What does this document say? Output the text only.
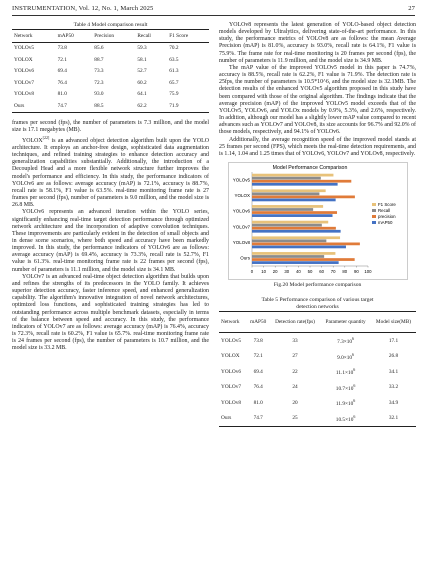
INSTRUMENTATION, Vol. 12, No. 1, March 2025	27
Table 4 Model comparison result
Network	mAP50	Precision	Recall	F1 Score
YOLOv5	73.8	85.6	59.3	70.2
YOLOX	72.1	88.7	58.1	63.5
YOLOv6	69.4	73.3	52.7	61.3
YOLOv7	76.4	72.3	60.2	65.7
YOLOv8	81.0	93.0	64.1	75.9
Ours	74.7	88.5	62.2	71.9

frames per second (fps), the number of parameters is 7.3 million, and the model size is 17.1 megabytes (MB).

YOLOX[22] is an advanced object detection algorithm built upon the YOLO architecture. It employs an anchor-free design, sophisticated data augmentation techniques, and refined training strategies to enhance detection accuracy and generalization capabilities substantially. Additionally, the introduction of a Decoupled Head and a more flexible network structure further improves the model's performance and efficiency. In this study, the performance indicators of YOLOv6 are as follows: average accuracy (mAP) is 72.1%, accuracy is 88.7%, recall rate is 58.1%, F1 value is 63.5%. real-time monitoring frame rate is 27 frames per second (fps), number of parameters is 9.0 million, and the model size is 26.8 MB.

YOLOv6 represents an advanced iteration within the YOLO series, significantly enhancing real-time target detection performance through optimized network architecture and the incorporation of adaptive convolution techniques. These improvements are particularly evident in the detection of small objects and in dense scene scenarios, where both speed and accuracy have been markedly improved. In this study, the performance indicators of YOLOv6 are as follows: average accuracy (mAP) is 69.4%, accuracy is 73.3%, recall rate is 52.7%, F1 value is 61.3%. real-time monitoring frame rate is 22 frames per second (fps), number of parameters is 11.1 million, and the model size is 34.1 MB.

YOLOv7 is an advanced real-time object detection algorithm that builds upon and refines the strengths of its predecessors in the YOLO family. It achieves superior detection accuracy, faster inference speed, and enhanced generalization capability. The algorithm's innovative integration of novel network architectures, optimized loss functions, and sophisticated training strategies has led to outstanding performance across multiple benchmark datasets, especially in terms of the balance between speed and accuracy. In this study, the performance indicators of YOLOv7 are as follows: average accuracy (mAP) is 76.4%, accuracy is 72.3%, recall rate is 60.2%, F1 value is 65.7%. real-time monitoring frame rate is 24 frames per second (fps), the number of parameters is 10.7 million, and the model size is 33.2 MB.

YOLOv8 represents the latest generation of YOLO-based object detection models developed by Ultralytics, delivering state-of-the-art performance. In this study, the performance metrics of YOLOv8 are as follows: the mean Average Precision (mAP) is 81.0%, accuracy is 93.0%, recall rate is 64.1%, F1 value is 75.9%. The frame rate for real-time monitoring is 20 frames per second (fps), the number of parameters is 11.9 million, and the model size is 34.9 MB.

The mAP value of the improved YOLOv5 model in this paper is 74.7%, accuracy is 88.5%, recall rate is 62.2%, F1 value is 71.9%. The detection rate is 25fps, the number of parameters is 10.5*10^6, and the model size is 32.1MB. The detection results of the enhanced YOLOv5 algorithm proposed in this study have been compared with those of the original algorithm. The findings indicate that the average precision (mAP) of the improved YOLOv5 model exceeds that of the YOLOv5, YOLOv6, and YOLOx models by 0.9%, 5.3%, and 2.6%, respectively. In addition, although our model has a slightly lower mAP value compared to recent advances such as YOLOv7 and YOLOv8, its size accounts for 96.7% and 92.0% of those models, respectively, and 94.1% of YOLOv6.

Additionally, the average recognition speed of the improved model stands at 25 frames per second (FPS), which meets the real-time detection requirements, and is 1.14, 1.04 and 1.25 times that of YOLOv6, YOLOv7 and YOLOv8, respectively.

Model Performance Comparison
0 10 20 30 40 50 60 70 80 90 100
YOLOv5
YOLOX
YOLOv6
YOLOv7
YOLOv8
Ours
F1 Score
Recall
precision
mAP50
Fig.20 Model performance comparison
Table 5 Performance comparison of various target
detection networks
Network	mAP50	Detection rate(fps)	Parameter quantity	Model size(MB)
YOLOv5	73.8	33	$7.3\times 10^6$	17.1
YOLOX	72.1	27	$9.0\times 10^6$	26.8
YOLOv6	69.4	22	$11.1\times 10^6$	34.1
YOLOv7	76.4	24	$10.7\times 10^6$	33.2
YOLOv8	81.0	20	$11.9\times 10^6$	34.9
Ours	74.7	25	$10.5\times 10^6$	32.1
